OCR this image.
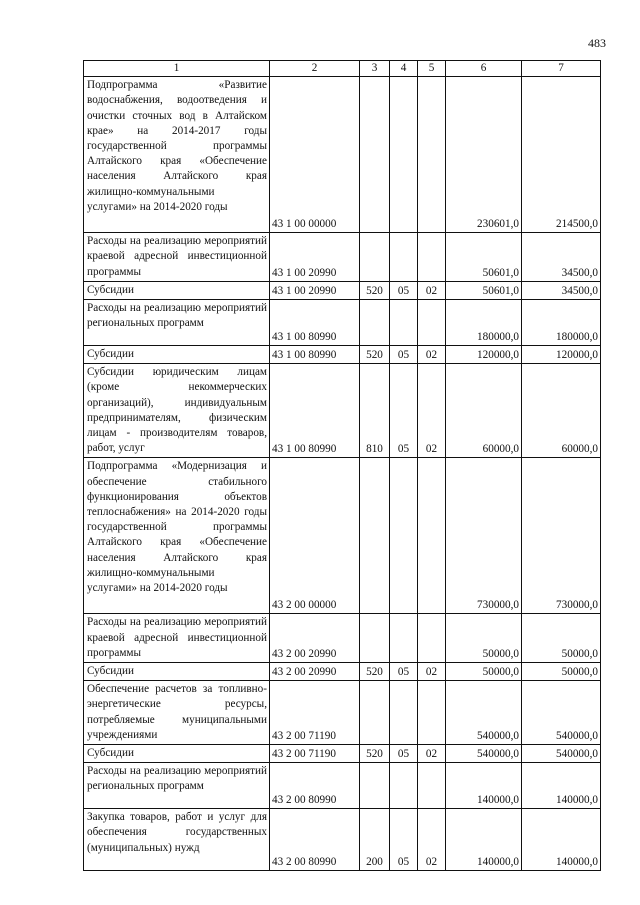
483
1	2	3	4	5	6	7
Подпрограмма «Развитие водоснабжения, водоотведения и очистки сточных вод в Алтайском крае» на 2014-2017 годы государственной программы Алтайского края «Обеспечение населения Алтайского края жилищно-коммунальными услугами» на 2014-2020 годы	43 1 00 00000				230601,0	214500,0
Расходы на реализацию мероприятий краевой адресной инвестиционной программы	43 1 00 20990				50601,0	34500,0
Субсидии	43 1 00 20990	520	05	02	50601,0	34500,0
Расходы на реализацию мероприятий региональных программ	43 1 00 80990				180000,0	180000,0
Субсидии	43 1 00 80990	520	05	02	120000,0	120000,0
Субсидии юридическим лицам (кроме некоммерческих организаций), индивидуальным предпринимателям, физическим лицам - производителям товаров, работ, услуг	43 1 00 80990	810	05	02	60000,0	60000,0
Подпрограмма «Модернизация и обеспечение стабильного функционирования объектов теплоснабжения» на 2014-2020 годы государственной программы Алтайского края «Обеспечение населения Алтайского края жилищно-коммунальными услугами» на 2014-2020 годы	43 2 00 00000				730000,0	730000,0
Расходы на реализацию мероприятий краевой адресной инвестиционной программы	43 2 00 20990				50000,0	50000,0
Субсидии	43 2 00 20990	520	05	02	50000,0	50000,0
Обеспечение расчетов за топливно-энергетические ресурсы, потребляемые муниципальными учреждениями	43 2 00 71190				540000,0	540000,0
Субсидии	43 2 00 71190	520	05	02	540000,0	540000,0
Расходы на реализацию мероприятий региональных программ	43 2 00 80990				140000,0	140000,0
Закупка товаров, работ и услуг для обеспечения государственных (муниципальных) нужд	43 2 00 80990	200	05	02	140000,0	140000,0
